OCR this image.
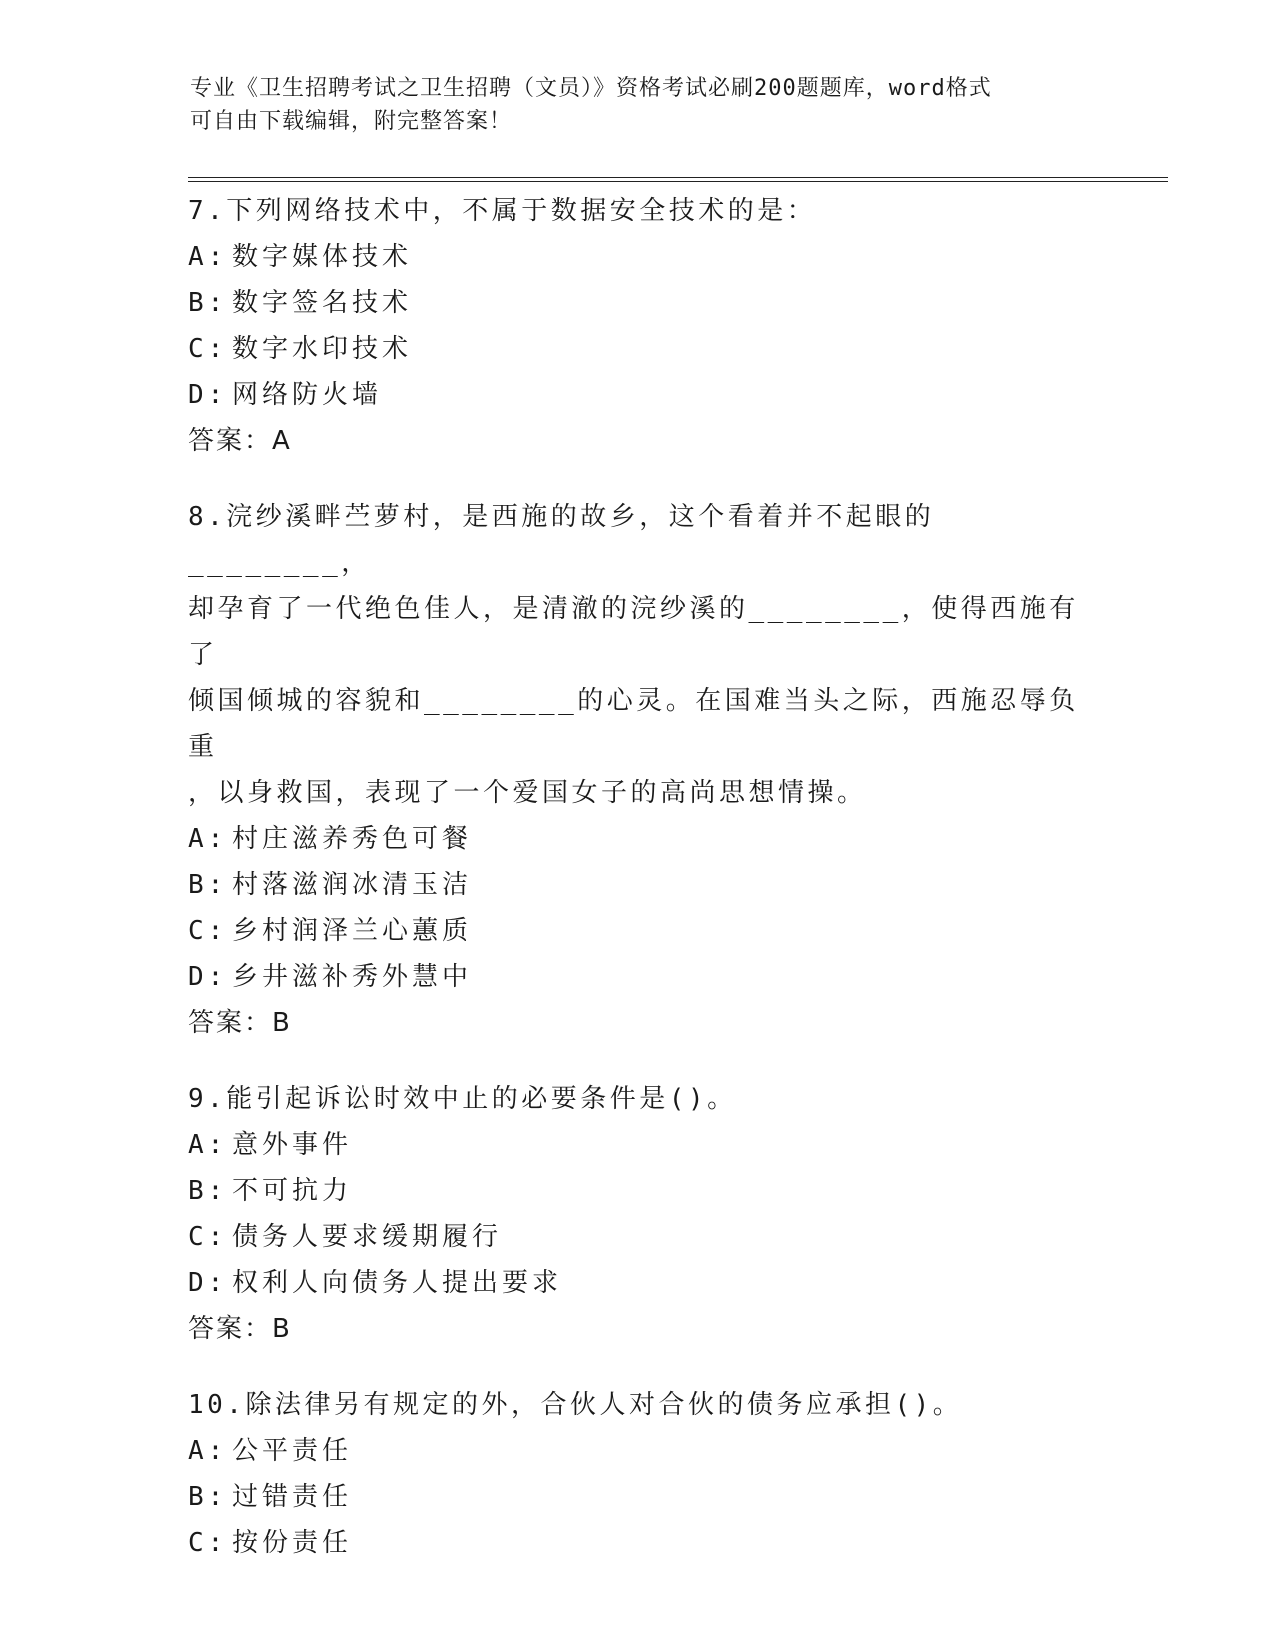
专业《卫生招聘考试之卫生招聘（文员）》资格考试必刷200题题库，word格式
可自由下载编辑，附完整答案！
7.下列网络技术中，不属于数据安全技术的是：
A: 数字媒体技术
B: 数字签名技术
C: 数字水印技术
D: 网络防火墙
答案：A
8.浣纱溪畔苎萝村，是西施的故乡，这个看着并不起眼的________，
却孕育了一代绝色佳人，是清澈的浣纱溪的________，使得西施有了
倾国倾城的容貌和________的心灵。在国难当头之际，西施忍辱负重
，以身救国，表现了一个爱国女子的高尚思想情操。
A: 村庄滋养秀色可餐
B: 村落滋润冰清玉洁
C: 乡村润泽兰心蕙质
D: 乡井滋补秀外慧中
答案：B
9.能引起诉讼时效中止的必要条件是()。
A: 意外事件
B: 不可抗力
C: 债务人要求缓期履行
D: 权利人向债务人提出要求
答案：B
10.除法律另有规定的外，合伙人对合伙的债务应承担()。
A: 公平责任
B: 过错责任
C: 按份责任
